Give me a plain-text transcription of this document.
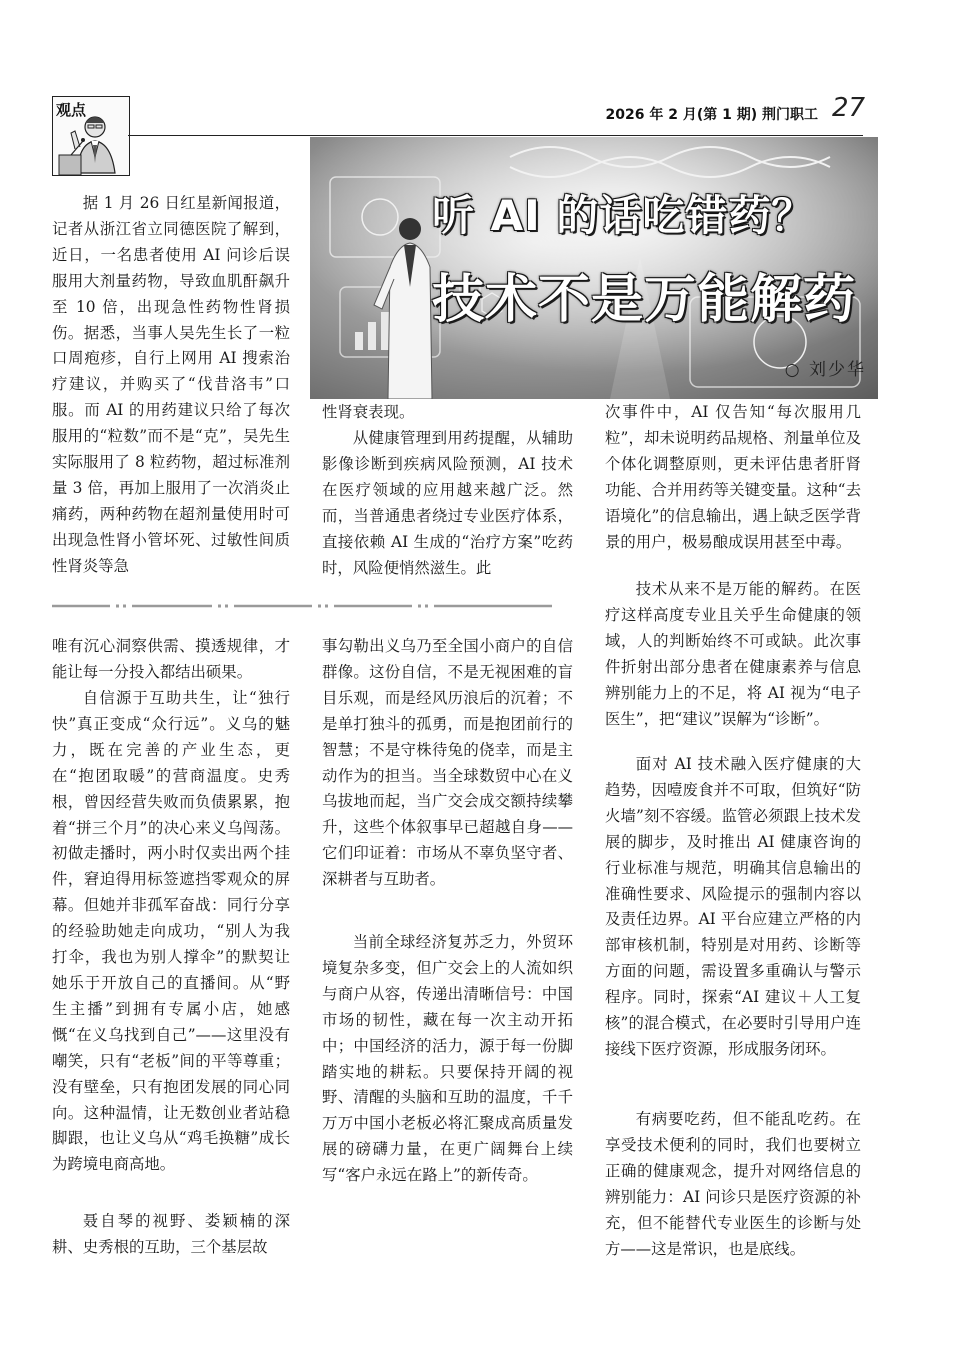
观点	2026 年 2 月(第 1 期) 荆门职工 27
听 AI 的话吃错药？
技术不是万能解药
○ 刘少华

据 1 月 26 日红星新闻报道，记者从浙江省立同德医院了解到，近日，一名患者使用 AI 问诊后误服用大剂量药物，导致血肌酐飙升至 10 倍，出现急性药物性肾损伤。据悉，当事人吴先生长了一粒口周疱疹，自行上网用 AI 搜索治疗建议，并购买了“伐昔洛韦”口服。而 AI 的用药建议只给了每次服用的“粒数”而不是“克”，吴先生实际服用了 8 粒药物，超过标准剂量 3 倍，再加上服用了一次消炎止痛药，两种药物在超剂量使用时可出现急性肾小管坏死、过敏性间质性肾炎等急

性肾衰表现。

从健康管理到用药提醒，从辅助影像诊断到疾病风险预测，AI 技术在医疗领域的应用越来越广泛。然而，当普通患者绕过专业医疗体系，直接依赖 AI 生成的“治疗方案”吃药时，风险便悄然滋生。此

次事件中，AI 仅告知“每次服用几粒”，却未说明药品规格、剂量单位及个体化调整原则，更未评估患者肝肾功能、合并用药等关键变量。这种“去语境化”的信息输出，遇上缺乏医学背景的用户，极易酿成误用甚至中毒。

技术从来不是万能的解药。在医疗这样高度专业且关乎生命健康的领域，人的判断始终不可或缺。此次事件折射出部分患者在健康素养与信息辨别能力上的不足，将 AI 视为“电子医生”，把“建议”误解为“诊断”。

面对 AI 技术融入医疗健康的大趋势，因噎废食并不可取，但筑好“防火墙”刻不容缓。监管必须跟上技术发展的脚步，及时推出 AI 健康咨询的行业标准与规范，明确其信息输出的准确性要求、风险提示的强制内容以及责任边界。AI 平台应建立严格的内部审核机制，特别是对用药、诊断等方面的问题，需设置多重确认与警示程序。同时，探索“AI 建议＋人工复核”的混合模式，在必要时引导用户连接线下医疗资源，形成服务闭环。

有病要吃药，但不能乱吃药。在享受技术便利的同时，我们也要树立正确的健康观念，提升对网络信息的辨别能力：AI 问诊只是医疗资源的补充，但不能替代专业医生的诊断与处方——这是常识，也是底线。

唯有沉心洞察供需、摸透规律，才能让每一分投入都结出硕果。

自信源于互助共生，让“独行快”真正变成“众行远”。义乌的魅力，既在完善的产业生态，更在“抱团取暖”的营商温度。史秀根，曾因经营失败而负债累累，抱着“拼三个月”的决心来义乌闯荡。初做走播时，两小时仅卖出两个挂件，窘迫得用标签遮挡零观众的屏幕。但她并非孤军奋战：同行分享的经验助她走向成功，“别人为我打伞，我也为别人撑伞”的默契让她乐于开放自己的直播间。从“野生主播”到拥有专属小店，她感慨“在义乌找到自己”——这里没有嘲笑，只有“老板”间的平等尊重；没有壁垒，只有抱团发展的同心同向。这种温情，让无数创业者站稳脚跟，也让义乌从“鸡毛换糖”成长为跨境电商高地。

聂自琴的视野、娄颖楠的深耕、史秀根的互助，三个基层故

事勾勒出义乌乃至全国小商户的自信群像。这份自信，不是无视困难的盲目乐观，而是经风历浪后的沉着；不是单打独斗的孤勇，而是抱团前行的智慧；不是守株待兔的侥幸，而是主动作为的担当。当全球数贸中心在义乌拔地而起，当广交会成交额持续攀升，这些个体叙事早已超越自身——它们印证着：市场从不辜负坚守者、深耕者与互助者。

当前全球经济复苏乏力，外贸环境复杂多变，但广交会上的人流如织与商户从容，传递出清晰信号：中国市场的韧性，藏在每一次主动开拓中；中国经济的活力，源于每一份脚踏实地的耕耘。只要保持开阔的视野、清醒的头脑和互助的温度，千千万万中国小老板必将汇聚成高质量发展的磅礴力量，在更广阔舞台上续写“客户永远在路上”的新传奇。
